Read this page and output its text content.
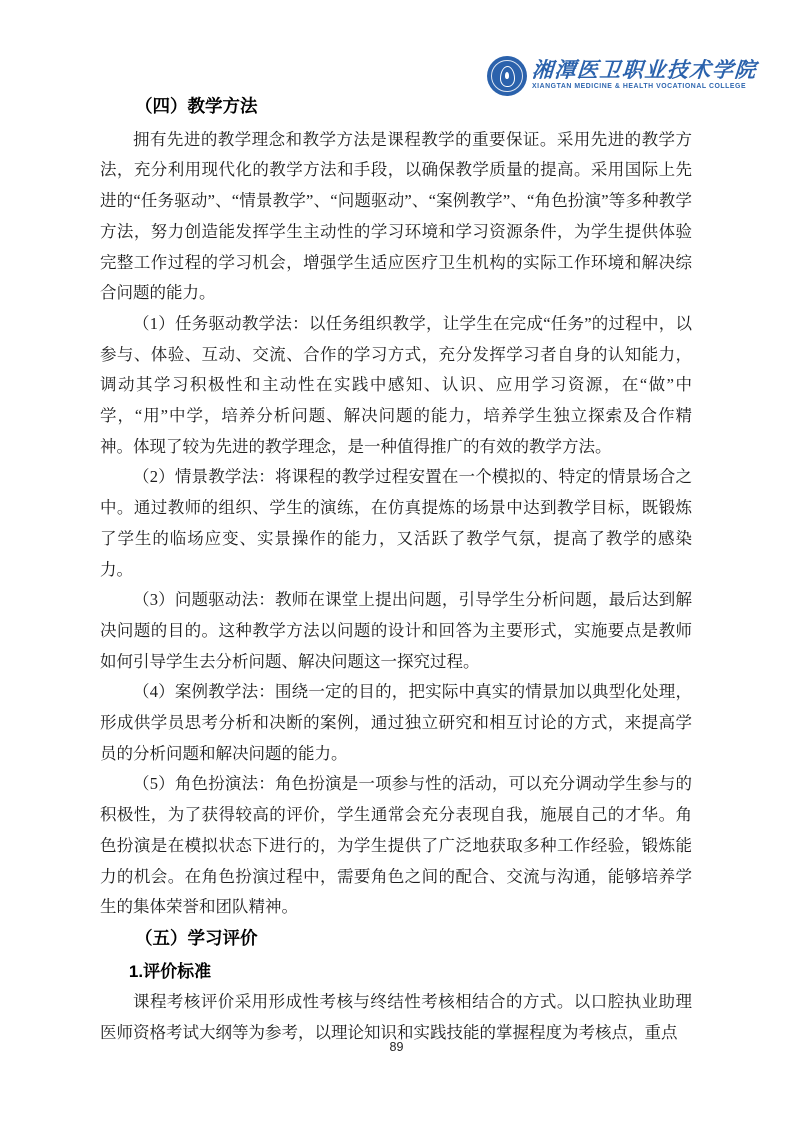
湘潭医卫职业技术学院
XIANGTAN MEDICINE & HEALTH VOCATIONAL COLLEGE
（四）教学方法

拥有先进的教学理念和教学方法是课程教学的重要保证。采用先进的教学方法，充分利用现代化的教学方法和手段，以确保教学质量的提高。采用国际上先进的“任务驱动”、“情景教学”、“问题驱动”、“案例教学”、“角色扮演”等多种教学方法，努力创造能发挥学生主动性的学习环境和学习资源条件，为学生提供体验完整工作过程的学习机会，增强学生适应医疗卫生机构的实际工作环境和解决综合问题的能力。

（1）任务驱动教学法：以任务组织教学，让学生在完成“任务”的过程中，以参与、体验、互动、交流、合作的学习方式，充分发挥学习者自身的认知能力，调动其学习积极性和主动性在实践中感知、认识、应用学习资源，在“做”中学，“用”中学，培养分析问题、解决问题的能力，培养学生独立探索及合作精神。体现了较为先进的教学理念，是一种值得推广的有效的教学方法。

（2）情景教学法：将课程的教学过程安置在一个模拟的、特定的情景场合之中。通过教师的组织、学生的演练，在仿真提炼的场景中达到教学目标，既锻炼了学生的临场应变、实景操作的能力，又活跃了教学气氛，提高了教学的感染力。

（3）问题驱动法：教师在课堂上提出问题，引导学生分析问题，最后达到解决问题的目的。这种教学方法以问题的设计和回答为主要形式，实施要点是教师如何引导学生去分析问题、解决问题这一探究过程。

（4）案例教学法：围绕一定的目的，把实际中真实的情景加以典型化处理，形成供学员思考分析和决断的案例，通过独立研究和相互讨论的方式，来提高学员的分析问题和解决问题的能力。

（5）角色扮演法：角色扮演是一项参与性的活动，可以充分调动学生参与的积极性，为了获得较高的评价，学生通常会充分表现自我，施展自己的才华。角色扮演是在模拟状态下进行的，为学生提供了广泛地获取多种工作经验，锻炼能力的机会。在角色扮演过程中，需要角色之间的配合、交流与沟通，能够培养学生的集体荣誉和团队精神。

（五）学习评价
1.评价标准

课程考核评价采用形成性考核与终结性考核相结合的方式。以口腔执业助理医师资格考试大纲等为参考，以理论知识和实践技能的掌握程度为考核点，重点

89
